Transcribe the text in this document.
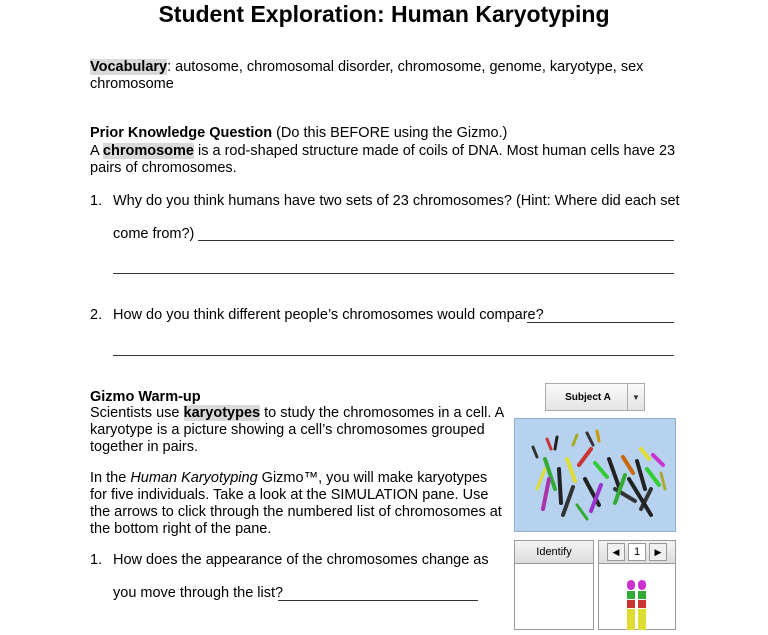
Student Exploration: Human Karyotyping
Vocabulary: autosome, chromosomal disorder, chromosome, genome, karyotype, sex
chromosome
Prior Knowledge Question (Do this BEFORE using the Gizmo.)
A chromosome is a rod-shaped structure made of coils of DNA. Most human cells have 23
pairs of chromosomes.
1. Why do you think humans have two sets of 23 chromosomes? (Hint: Where did each set
come from?)
2. How do you think different people’s chromosomes would compare?
Gizmo Warm-up
Scientists use karyotypes to study the chromosomes in a cell. A
karyotype is a picture showing a cell’s chromosomes grouped
together in pairs.
In the Human Karyotyping Gizmo™, you will make karyotypes
for five individuals. Take a look at the SIMULATION pane. Use
the arrows to click through the numbered list of chromosomes at
the bottom right of the pane.
1. How does the appearance of the chromosomes change as
you move through the list?
Subject A	▼
Identify	◀	1	▶
